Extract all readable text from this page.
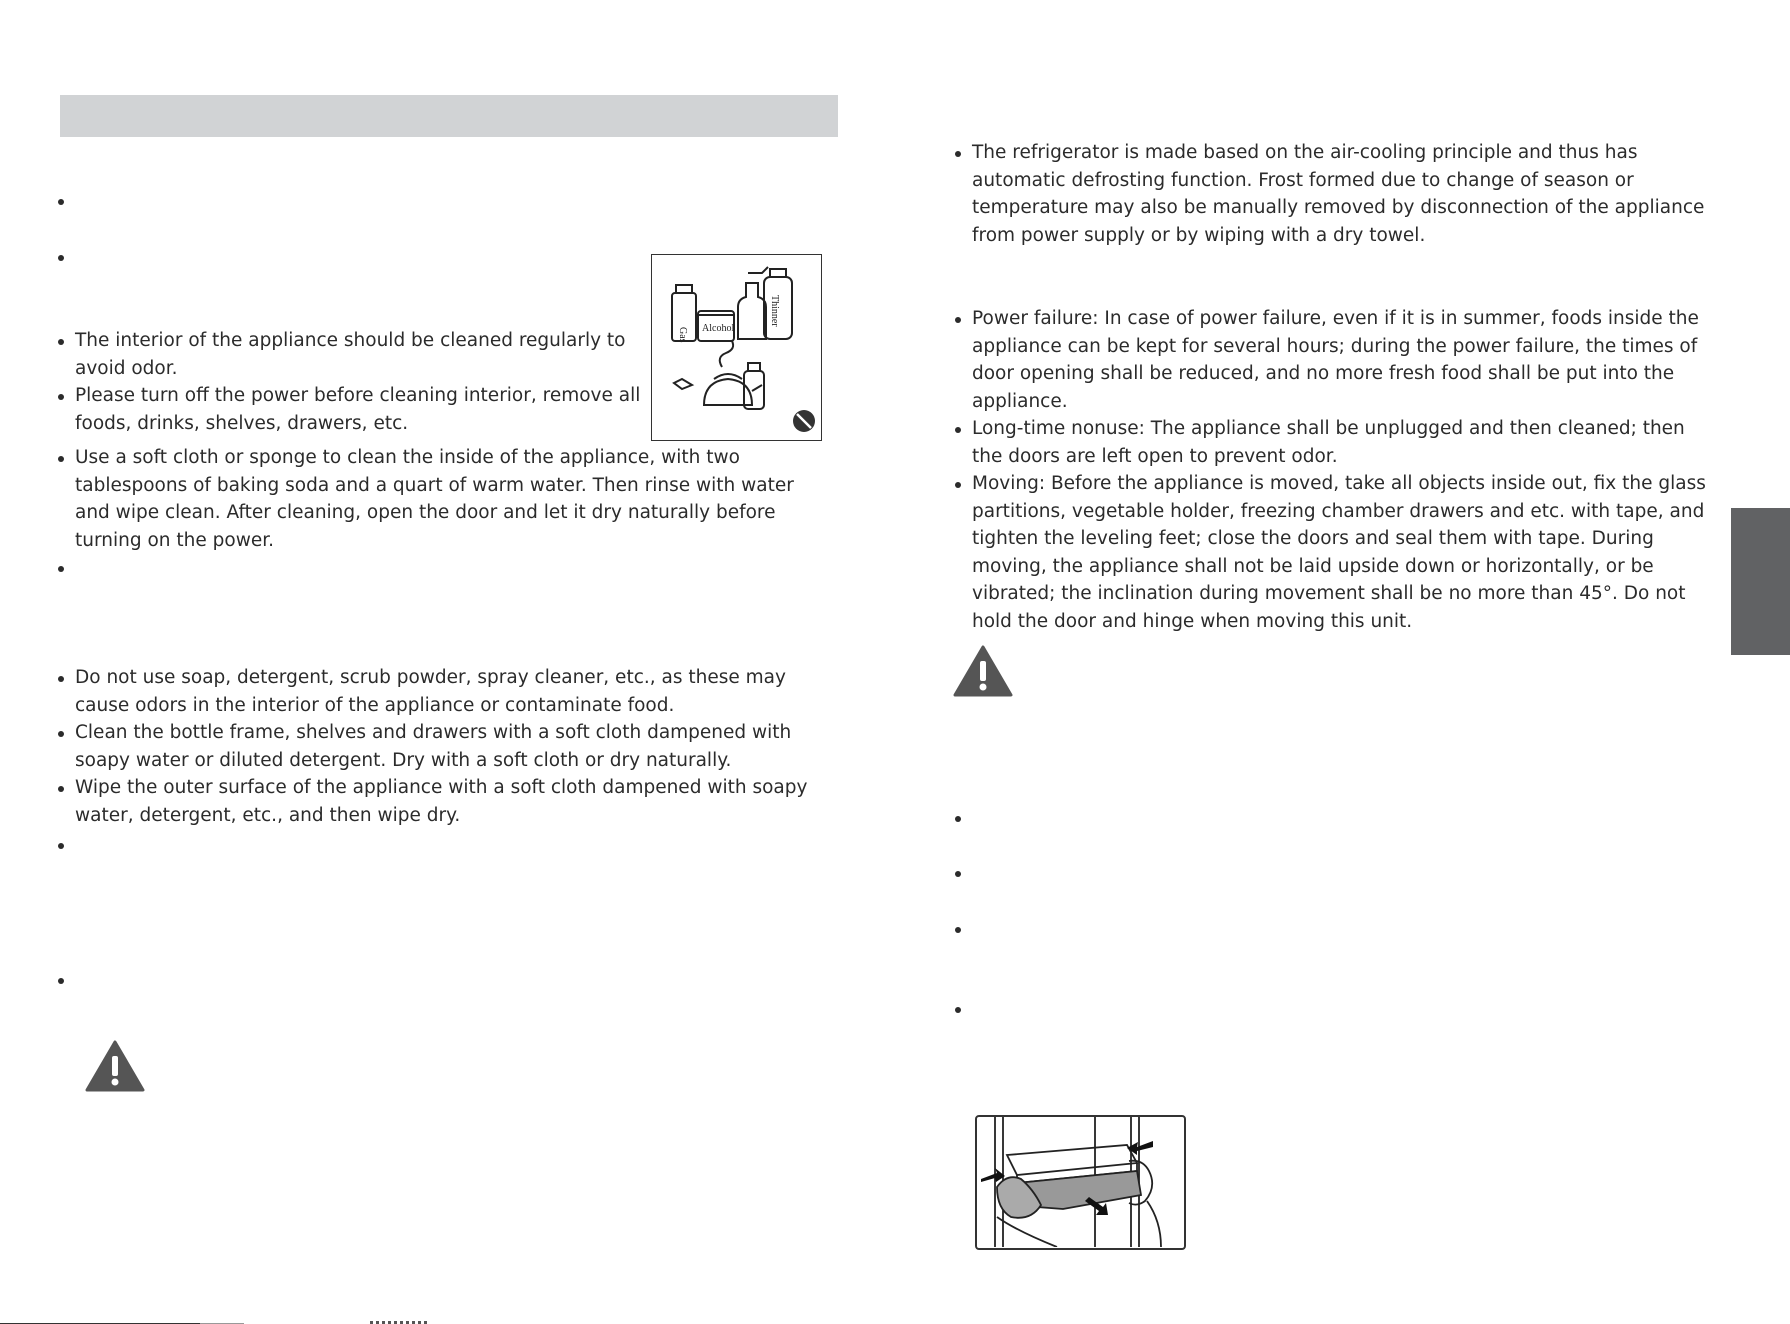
The interior of the appliance should be cleaned regularly to avoid odor.
Please turn off the power before cleaning interior, remove all foods, drinks, shelves, drawers, etc.
Use a soft cloth or sponge to clean the inside of the appliance, with two tablespoons of baking soda and a quart of warm water. Then rinse with water and wipe clean. After cleaning, open the door and let it dry naturally before turning on the power.
Do not use soap, detergent, scrub powder, spray cleaner, etc., as these may cause odors in the interior of the appliance or contaminate food.
Clean the bottle frame, shelves and drawers with a soft cloth dampened with soapy water or diluted detergent. Dry with a soft cloth or dry naturally.
Wipe the outer surface of the appliance with a soft cloth dampened with soapy water, detergent, etc., and then wipe dry.
Gas Alcohol
Thinner
The refrigerator is made based on the air-cooling principle and thus has automatic defrosting function. Frost formed due to change of season or temperature may also be manually removed by disconnection of the appliance from power supply or by wiping with a dry towel.
Power failure: In case of power failure, even if it is in summer, foods inside the appliance can be kept for several hours; during the power failure, the times of door opening shall be reduced, and no more fresh food shall be put into the appliance.
Long-time nonuse: The appliance shall be unplugged and then cleaned; then the doors are left open to prevent odor.
Moving: Before the appliance is moved, take all objects inside out, fix the glass partitions, vegetable holder, freezing chamber drawers and etc. with tape, and tighten the leveling feet; close the doors and seal them with tape. During moving, the appliance shall not be laid upside down or horizontally, or be vibrated; the inclination during movement shall be no more than 45°. Do not hold the door and hinge when moving this unit.
